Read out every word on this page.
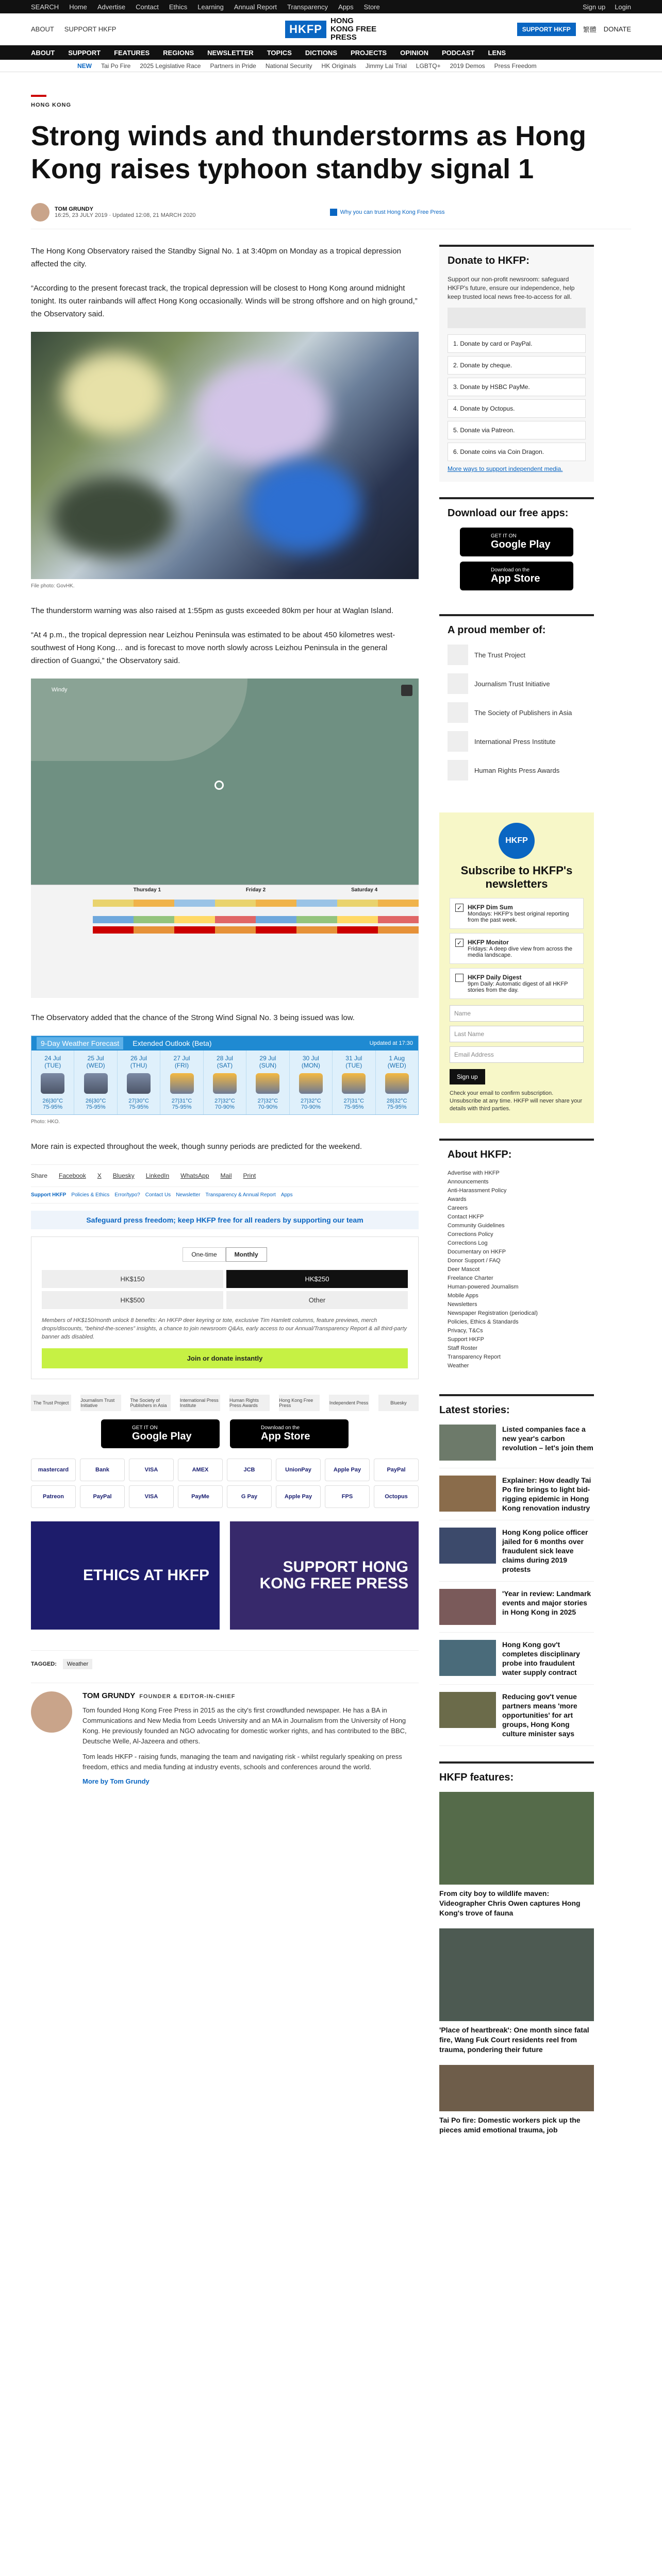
SEARCH Home Advertise Contact Ethics Learning Annual Report Transparency Apps Store	Sign up Login
ABOUT SUPPORT HKFP	HKFP
HONG KONG FREE PRESS
SUPPORT HKFP	繁體 DONATE
ABOUT SUPPORT FEATURES REGIONS NEWSLETTER TOPICS DICTIONS PROJECTS OPINION PODCAST LENS
NEW Tai Po Fire 2025 Legislative Race Partners in Pride National Security HK Originals Jimmy Lai Trial LGBTQ+ 2019 Demos Press Freedom
HONG KONG
Strong winds and thunderstorms as Hong Kong raises typhoon standby signal 1
TOM GRUNDY
16:25, 23 JULY 2019 · Updated 12:08, 21 MARCH 2020	Why you can trust Hong Kong Free Press

The Hong Kong Observatory raised the Standby Signal No. 1 at 3:40pm on Monday as a tropical depression affected the city.

“According to the present forecast track, the tropical depression will be closest to Hong Kong around midnight tonight. Its outer rainbands will affect Hong Kong occasionally. Winds will be strong offshore and on high ground,” the Observatory said.

File photo: GovHK.

The thunderstorm warning was also raised at 1:55pm as gusts exceeded 80km per hour at Waglan Island.

“At 4 p.m., the tropical depression near Leizhou Peninsula was estimated to be about 450 kilometres west-southwest of Hong Kong… and is forecast to move north slowly across Leizhou Peninsula in the general direction of Guangxi,” the Observatory said.

Windy
Thursday 1	Friday 2	Saturday 4

The Observatory added that the chance of the Strong Wind Signal No. 3 being issued was low.

9-Day Weather Forecast	Extended Outlook (Beta)	Updated at 17:30
24 Jul
(TUE)
26|30°C
75-95%
25 Jul
(WED)
26|30°C
75-95%
26 Jul
(THU)
27|30°C
75-95%
27 Jul
(FRI)
27|31°C
75-95%
28 Jul
(SAT)
27|32°C
70-90%
29 Jul
(SUN)
27|32°C
70-90%
30 Jul
(MON)
27|32°C
70-90%
31 Jul
(TUE)
27|31°C
75-95%
1 Aug
(WED)
28|32°C
75-95%
Photo: HKO.

More rain is expected throughout the week, though sunny periods are predicted for the weekend.

Share Facebook X Bluesky LinkedIn WhatsApp Mail Print
Support HKFP Policies & Ethics Error/typo? Contact Us Newsletter Transparency & Annual Report Apps
Safeguard press freedom; keep HKFP free for all readers by supporting our team
One-time	Monthly
HK$150	HK$250
HK$500	Other
Members of HK$150/month unlock 8 benefits: An HKFP deer keyring or tote, exclusive Tim Hamlett columns, feature previews, merch drops/discounts, “behind-the-scenes” insights, a chance to join newsroom Q&As, early access to our Annual/Transparency Report & all third-party banner ads disabled.
Join or donate instantly
The Trust Project	Journalism Trust Initiative
The Society of Publishers in Asia
International Press Institute
Human Rights Press Awards
Hong Kong Free Press	Independent Press	Bluesky
GET IT ON
Google Play
Download on the
App Store
mastercard	Bank	VISA	AMEX	JCB	UnionPay	Apple Pay	PayPal
Patreon	PayPal	VISA	PayMe	G Pay	Apple Pay	FPS	Octopus
ETHICS AT HKFP	SUPPORT HONG KONG FREE PRESS
TAGGED:	Weather
TOM GRUNDY FOUNDER & EDITOR-IN-CHIEF

Tom founded Hong Kong Free Press in 2015 as the city's first crowdfunded newspaper. He has a BA in Communications and New Media from Leeds University and an MA in Journalism from the University of Hong Kong. He previously founded an NGO advocating for domestic worker rights, and has contributed to the BBC, Deutsche Welle, Al-Jazeera and others.

Tom leads HKFP - raising funds, managing the team and navigating risk - whilst regularly speaking on press freedom, ethics and media funding at industry events, schools and conferences around the world.

More by Tom Grundy
Donate to HKFP:

Support our non-profit newsroom: safeguard HKFP's future, ensure our independence, help keep trusted local news free-to-access for all.

1. Donate by card or PayPal.
2. Donate by cheque.
3. Donate by HSBC PayMe.
4. Donate by Octopus.
5. Donate via Patreon.
6. Donate coins via Coin Dragon.
More ways to support independent media.
Download our free apps:
GET IT ON
Google Play
Download on the
App Store
A proud member of:
The Trust Project
Journalism Trust Initiative
The Society of Publishers in Asia
International Press Institute
Human Rights Press Awards
HKFP
Subscribe to HKFP's newsletters
✓ HKFP Dim Sum
Mondays: HKFP's best original reporting from the past week.
✓ HKFP Monitor
Fridays: A deep dive view from across the media landscape.
HKFP Daily Digest
9pm Daily: Automatic digest of all HKFP stories from the day.
Name
Last Name
Email Address
Sign up
Check your email to confirm subscription. Unsubscribe at any time. HKFP will never share your details with third parties.
About HKFP:
Advertise with HKFP
Announcements
Anti-Harassment Policy
Awards
Careers
Contact HKFP
Community Guidelines
Corrections Policy
Corrections Log
Documentary on HKFP
Donor Support / FAQ
Deer Mascot
Freelance Charter
Human-powered Journalism
Mobile Apps
Newsletters
Newspaper Registration (periodical)
Policies, Ethics & Standards
Privacy, T&Cs
Support HKFP
Staff Roster
Transparency Report
Weather
Latest stories:
Listed companies face a new year's carbon revolution – let's join them
Explainer: How deadly Tai Po fire brings to light bid-rigging epidemic in Hong Kong renovation industry
Hong Kong police officer jailed for 6 months over fraudulent sick leave claims during 2019 protests
'Year in review: Landmark events and major stories in Hong Kong in 2025
Hong Kong gov't completes disciplinary probe into fraudulent water supply contract
Reducing gov't venue partners means 'more opportunities' for art groups, Hong Kong culture minister says
HKFP features:
From city boy to wildlife maven: Videographer Chris Owen captures Hong Kong's trove of fauna
'Place of heartbreak': One month since fatal fire, Wang Fuk Court residents reel from trauma, pondering their future
Tai Po fire: Domestic workers pick up the pieces amid emotional trauma, job
